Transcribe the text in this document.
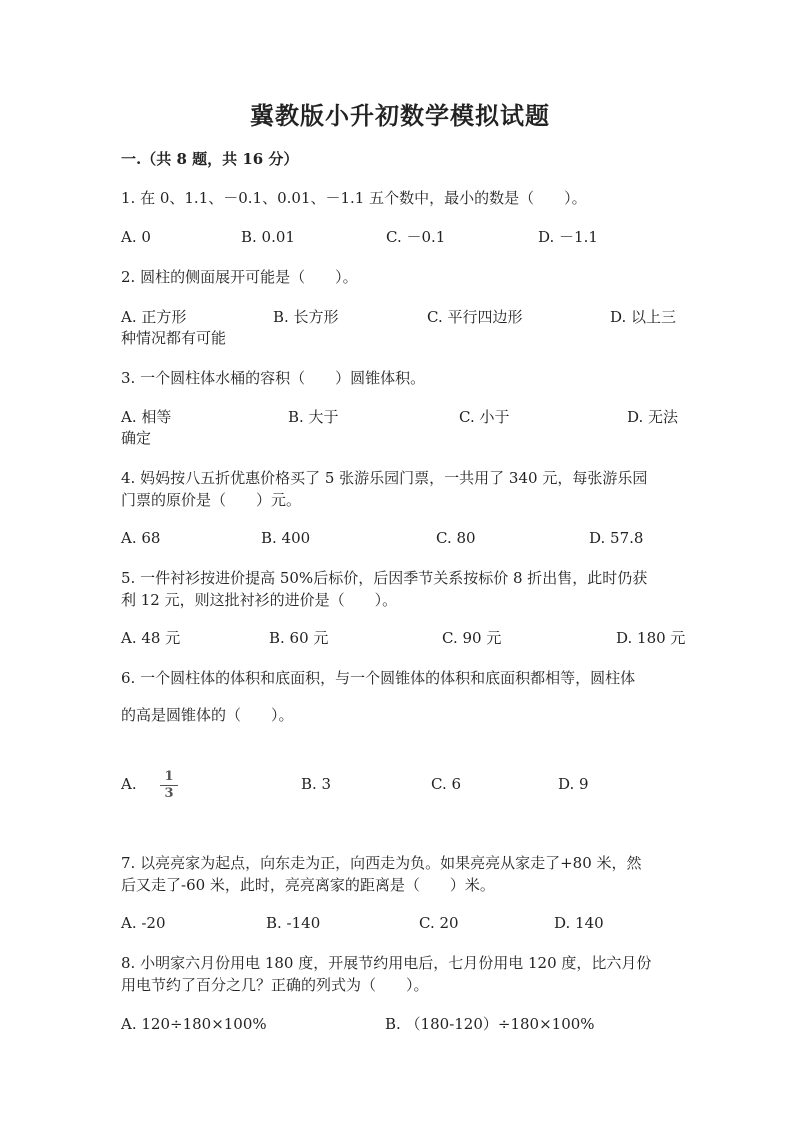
冀教版小升初数学模拟试题
一.（共 8 题，共 16 分）
1. 在 0、1.1、－0.1、0.01、－1.1 五个数中，最小的数是（　　）。
A. 0	B. 0.01	C. －0.1	D. －1.1
2. 圆柱的侧面展开可能是（　　）。
A. 正方形	B. 长方形	C. 平行四边形	D. 以上三
种情况都有可能
3. 一个圆柱体水桶的容积（　　）圆锥体积。
A. 相等	B. 大于	C. 小于	D. 无法
确定
4. 妈妈按八五折优惠价格买了 5 张游乐园门票，一共用了 340 元，每张游乐园
门票的原价是（　　）元。
A. 68	B. 400	C. 80	D. 57.8
5. 一件衬衫按进价提高 50%后标价，后因季节关系按标价 8 折出售，此时仍获
利 12 元，则这批衬衫的进价是（　　）。
A. 48 元	B. 60 元	C. 90 元	D. 180 元
6. 一个圆柱体的体积和底面积，与一个圆锥体的体积和底面积都相等，圆柱体
的高是圆锥体的（　　）。
A.	B. 3	C. 6	D. 9
1
3
7. 以亮亮家为起点，向东走为正，向西走为负。如果亮亮从家走了+80 米，然
后又走了-60 米，此时，亮亮离家的距离是（　　）米。
A. -20	B. -140	C. 20	D. 140
8. 小明家六月份用电 180 度，开展节约用电后，七月份用电 120 度，比六月份
用电节约了百分之几？正确的列式为（　　）。
A. 120÷180×100%	B. （180-120）÷180×100%
